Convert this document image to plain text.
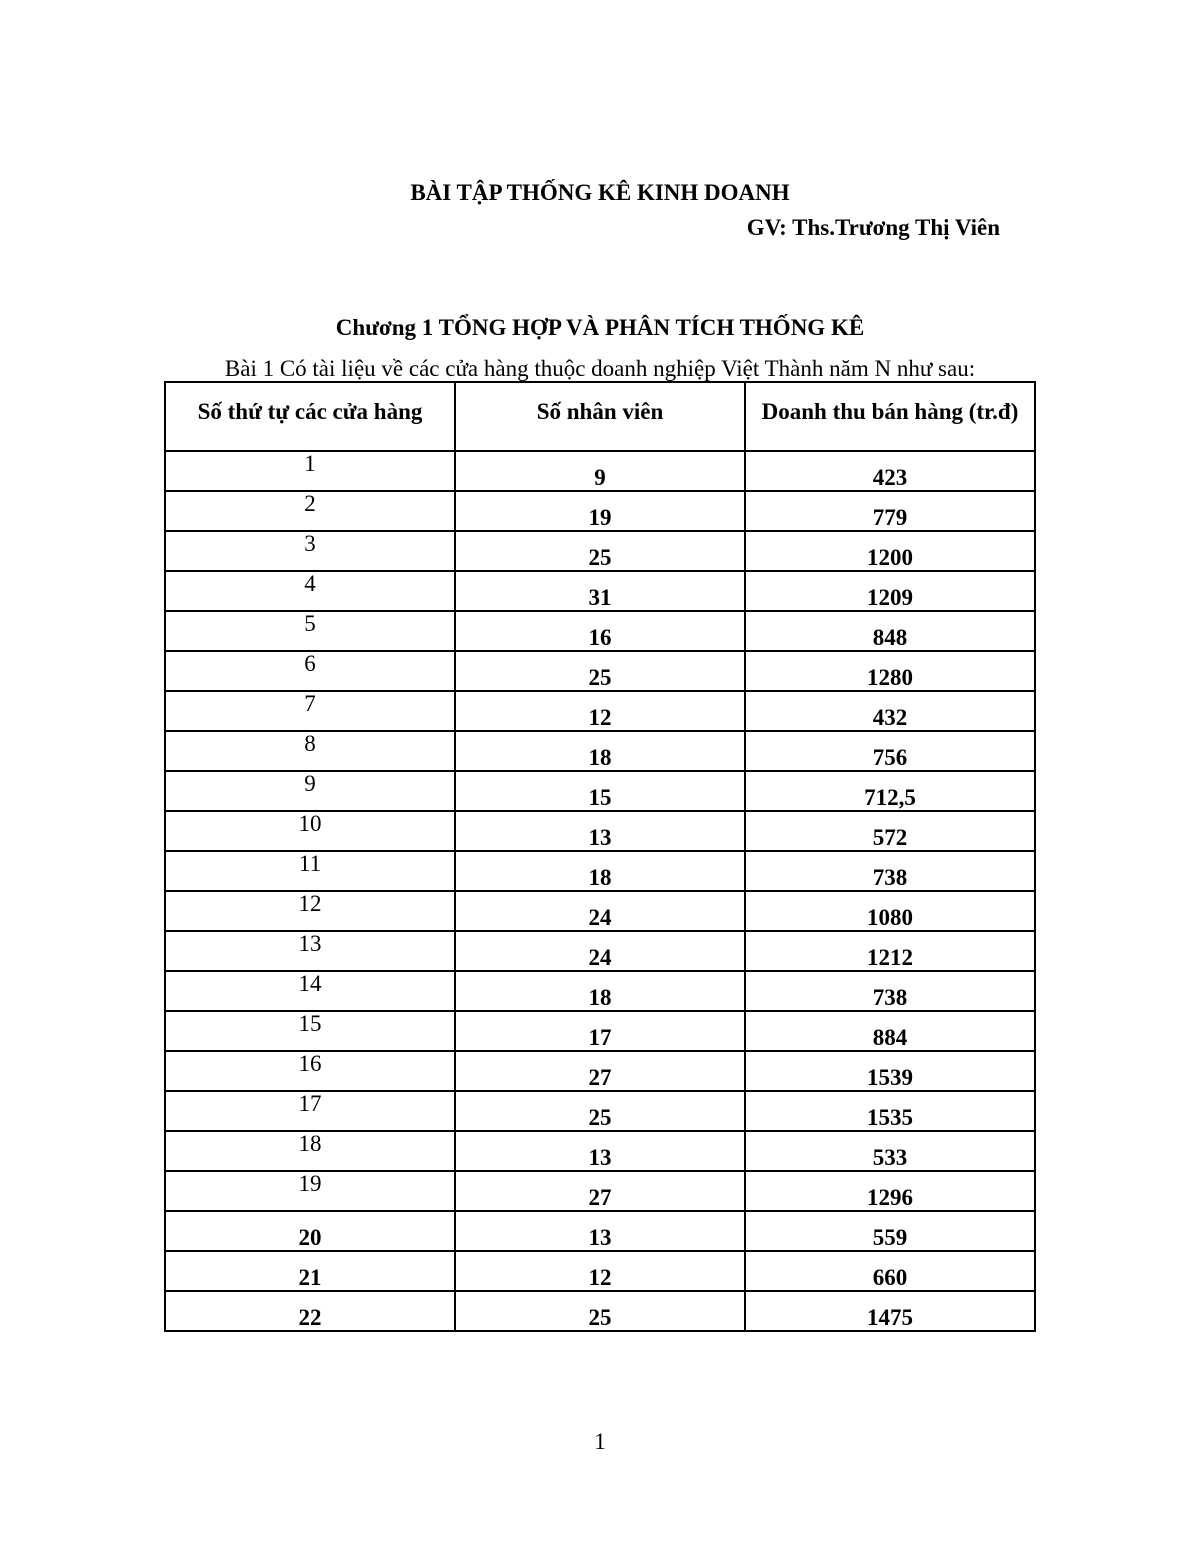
BÀI TẬP THỐNG KÊ KINH DOANH
GV: Ths.Trương Thị Viên
Chương 1 TỔNG HỢP VÀ PHÂN TÍCH THỐNG KÊ
Bài 1 Có tài liệu về các cửa hàng thuộc doanh nghiệp Việt Thành năm N như sau:
Số thứ tự các cửa hàng	Số nhân viên	Doanh thu bán hàng (tr.đ)
1	9	423
2	19	779
3	25	1200
4	31	1209
5	16	848
6	25	1280
7	12	432
8	18	756
9	15	712,5
10	13	572
11	18	738
12	24	1080
13	24	1212
14	18	738
15	17	884
16	27	1539
17	25	1535
18	13	533
19	27	1296
20	13	559
21	12	660
22	25	1475
1
